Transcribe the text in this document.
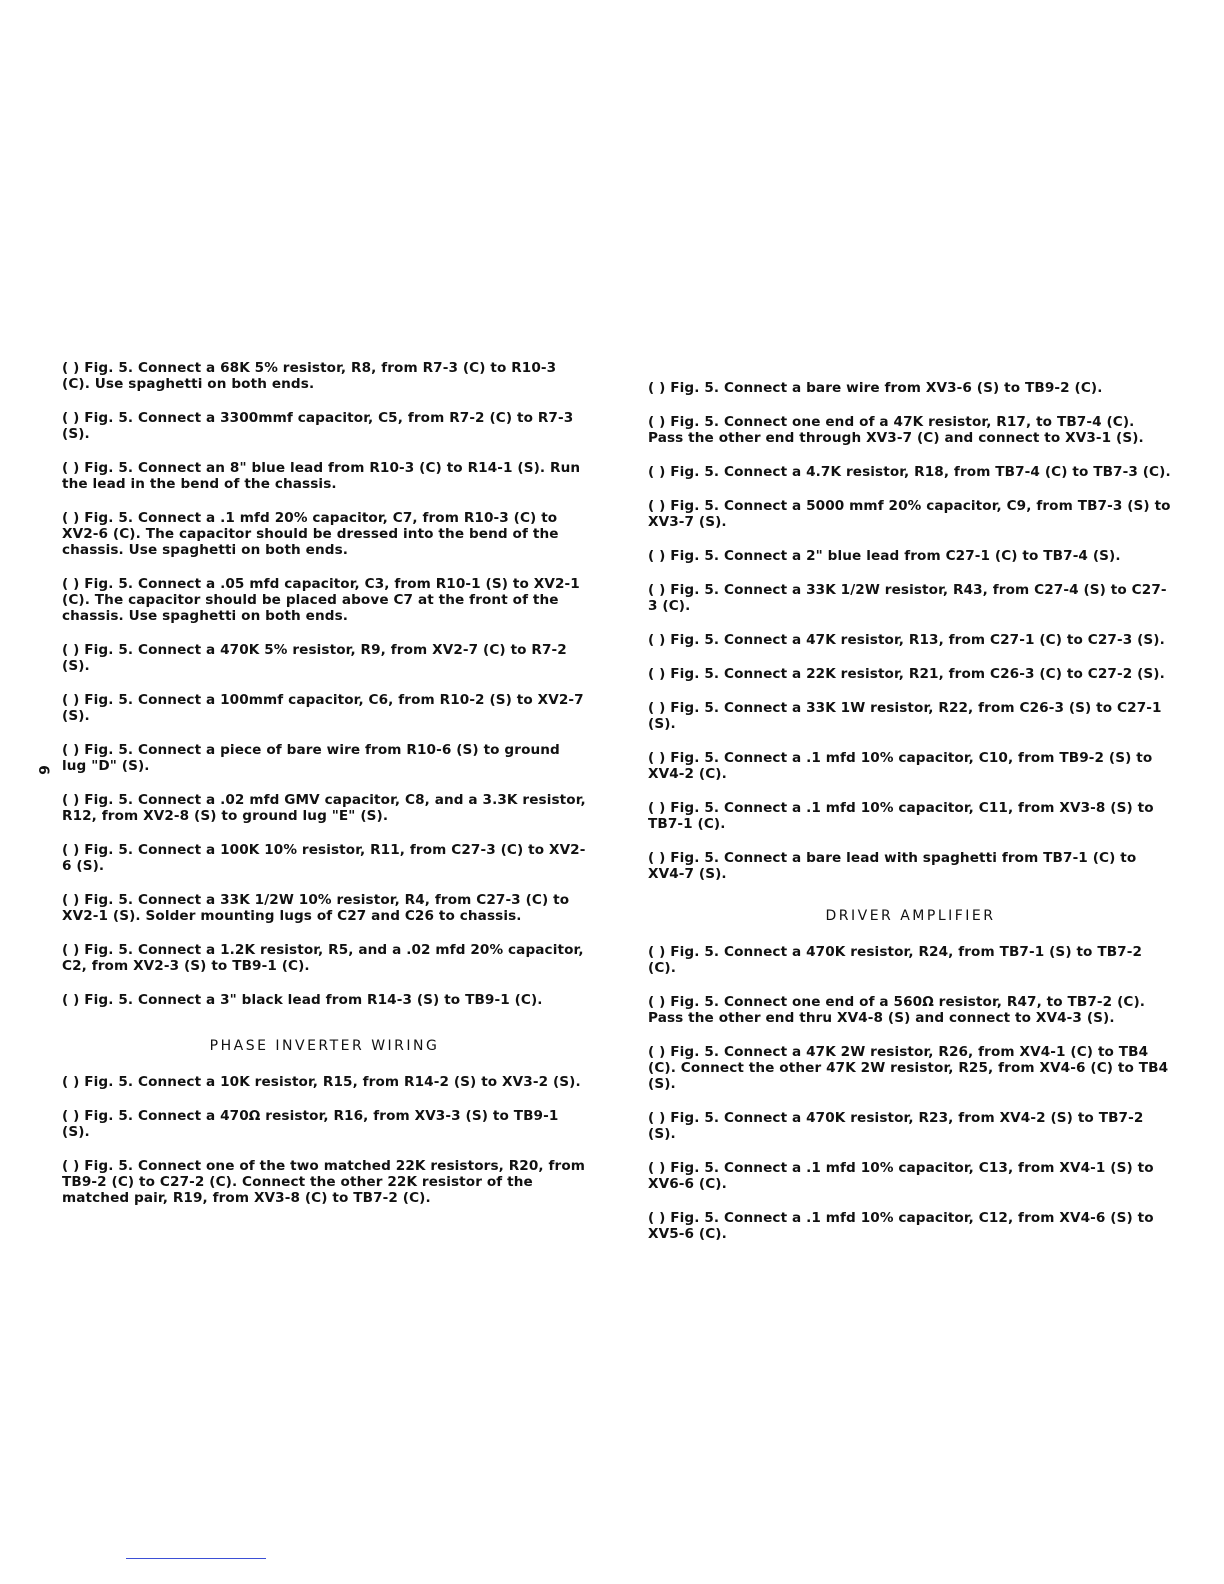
6

( ) Fig. 5. Connect a 68K 5% resistor, R8, from R7-3 (C) to R10-3 (C). Use spaghetti on both ends.

( ) Fig. 5. Connect a 3300mmf capacitor, C5, from R7-2 (C) to R7-3 (S).

( ) Fig. 5. Connect an 8" blue lead from R10-3 (C) to R14-1 (S). Run the lead in the bend of the chassis.

( ) Fig. 5. Connect a .1 mfd 20% capacitor, C7, from R10-3 (C) to XV2-6 (C). The capacitor should be dressed into the bend of the chassis. Use spaghetti on both ends.

( ) Fig. 5. Connect a .05 mfd capacitor, C3, from R10-1 (S) to XV2-1 (C). The capacitor should be placed above C7 at the front of the chassis. Use spaghetti on both ends.

( ) Fig. 5. Connect a 470K 5% resistor, R9, from XV2-7 (C) to R7-2 (S).

( ) Fig. 5. Connect a 100mmf capacitor, C6, from R10-2 (S) to XV2-7 (S).

( ) Fig. 5. Connect a piece of bare wire from R10-6 (S) to ground lug "D" (S).

( ) Fig. 5. Connect a .02 mfd GMV capacitor, C8, and a 3.3K resistor, R12, from XV2-8 (S) to ground lug "E" (S).

( ) Fig. 5. Connect a 100K 10% resistor, R11, from C27-3 (C) to XV2-6 (S).

( ) Fig. 5. Connect a 33K 1/2W 10% resistor, R4, from C27-3 (C) to XV2-1 (S). Solder mounting lugs of C27 and C26 to chassis.

( ) Fig. 5. Connect a 1.2K resistor, R5, and a .02 mfd 20% capacitor, C2, from XV2-3 (S) to TB9-1 (C).

( ) Fig. 5. Connect a 3" black lead from R14-3 (S) to TB9-1 (C).

PHASE INVERTER WIRING

( ) Fig. 5. Connect a 10K resistor, R15, from R14-2 (S) to XV3-2 (S).

( ) Fig. 5. Connect a 470Ω resistor, R16, from XV3-3 (S) to TB9-1 (S).

( ) Fig. 5. Connect one of the two matched 22K resistors, R20, from TB9-2 (C) to C27-2 (C). Connect the other 22K resistor of the matched pair, R19, from XV3-8 (C) to TB7-2 (C).

( ) Fig. 5. Connect a bare wire from XV3-6 (S) to TB9-2 (C).

( ) Fig. 5. Connect one end of a 47K resistor, R17, to TB7-4 (C). Pass the other end through XV3-7 (C) and connect to XV3-1 (S).

( ) Fig. 5. Connect a 4.7K resistor, R18, from TB7-4 (C) to TB7-3 (C).

( ) Fig. 5. Connect a 5000 mmf 20% capacitor, C9, from TB7-3 (S) to XV3-7 (S).

( ) Fig. 5. Connect a 2" blue lead from C27-1 (C) to TB7-4 (S).

( ) Fig. 5. Connect a 33K 1/2W resistor, R43, from C27-4 (S) to C27-3 (C).

( ) Fig. 5. Connect a 47K resistor, R13, from C27-1 (C) to C27-3 (S).

( ) Fig. 5. Connect a 22K resistor, R21, from C26-3 (C) to C27-2 (S).

( ) Fig. 5. Connect a 33K 1W resistor, R22, from C26-3 (S) to C27-1 (S).

( ) Fig. 5. Connect a .1 mfd 10% capacitor, C10, from TB9-2 (S) to XV4-2 (C).

( ) Fig. 5. Connect a .1 mfd 10% capacitor, C11, from XV3-8 (S) to TB7-1 (C).

( ) Fig. 5. Connect a bare lead with spaghetti from TB7-1 (C) to XV4-7 (S).

DRIVER AMPLIFIER

( ) Fig. 5. Connect a 470K resistor, R24, from TB7-1 (S) to TB7-2 (C).

( ) Fig. 5. Connect one end of a 560Ω resistor, R47, to TB7-2 (C). Pass the other end thru XV4-8 (S) and connect to XV4-3 (S).

( ) Fig. 5. Connect a 47K 2W resistor, R26, from XV4-1 (C) to TB4 (C). Connect the other 47K 2W resistor, R25, from XV4-6 (C) to TB4 (S).

( ) Fig. 5. Connect a 470K resistor, R23, from XV4-2 (S) to TB7-2 (S).

( ) Fig. 5. Connect a .1 mfd 10% capacitor, C13, from XV4-1 (S) to XV6-6 (C).

( ) Fig. 5. Connect a .1 mfd 10% capacitor, C12, from XV4-6 (S) to XV5-6 (C).
